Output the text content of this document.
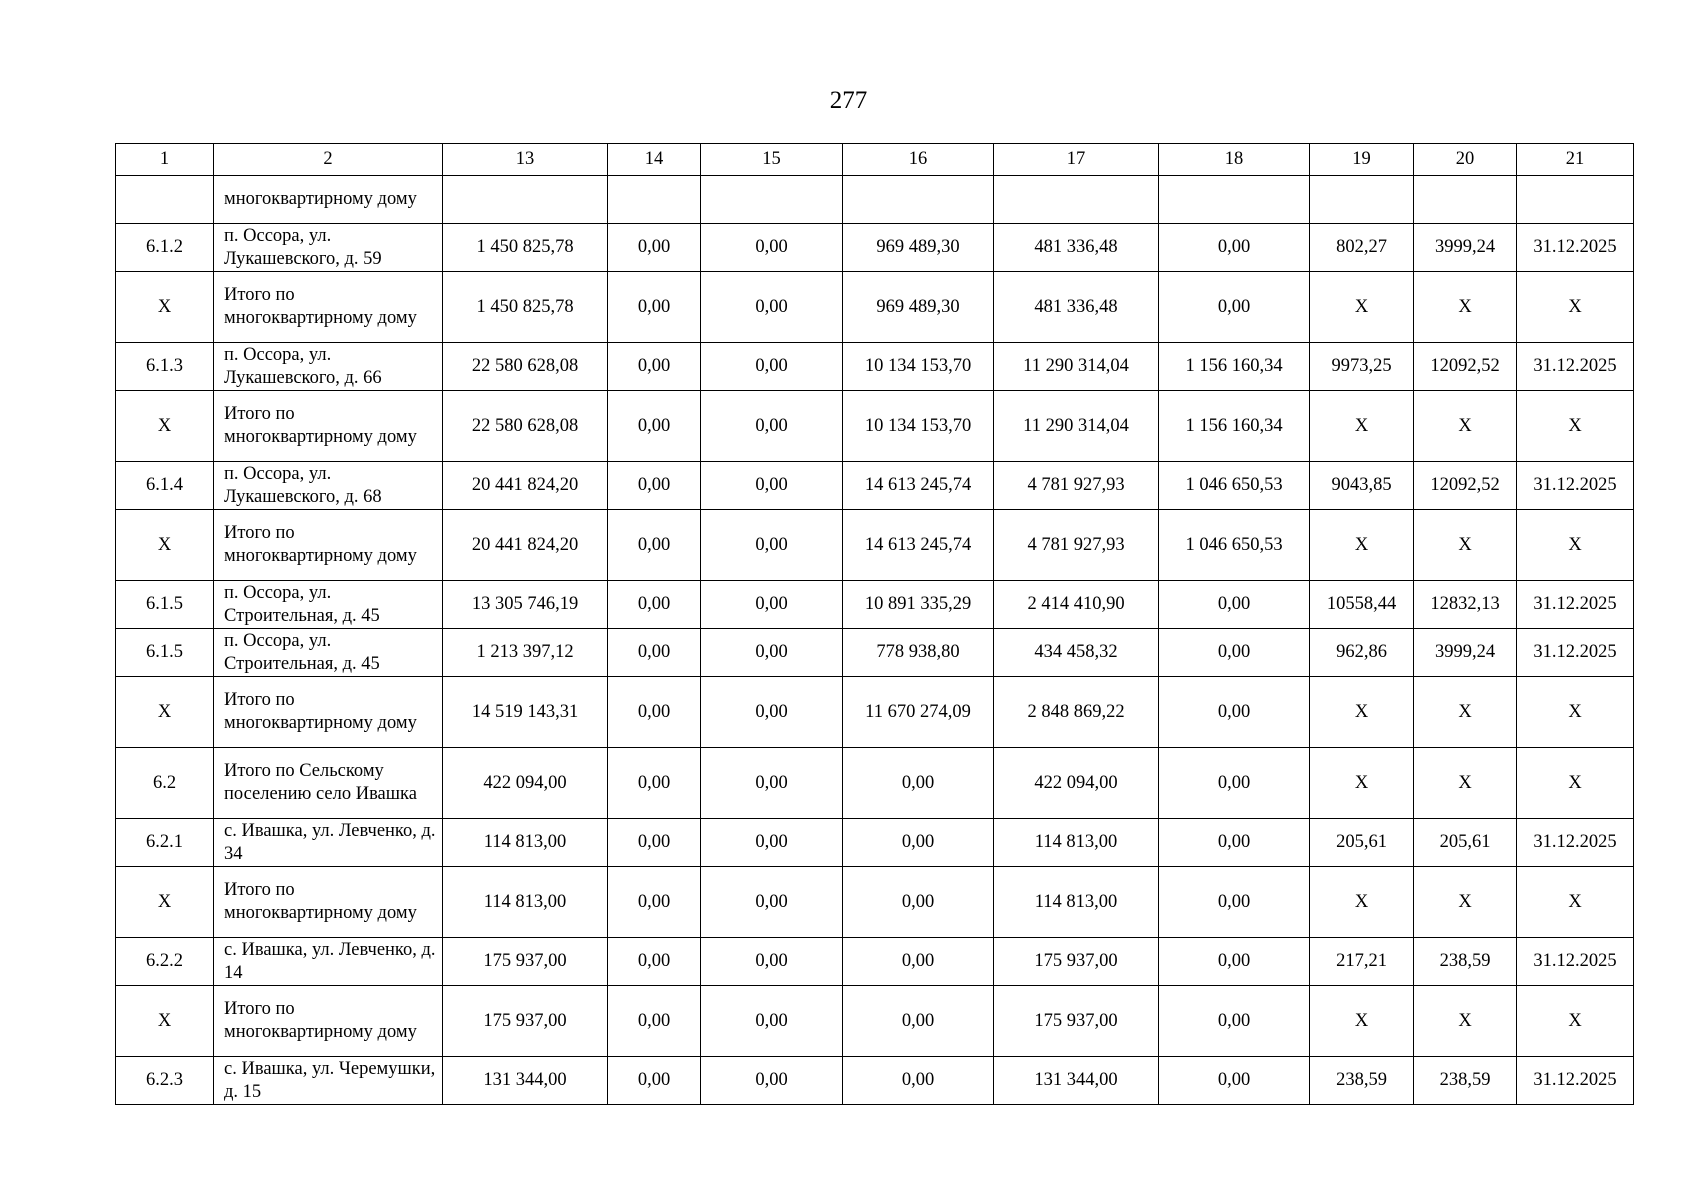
277
1	2	13	14	15	16	17	18	19	20	21
	многоквартирному дому									
6.1.2	п. Оссора, ул. Лукашевского, д. 59	1 450 825,78	0,00	0,00	969 489,30	481 336,48	0,00	802,27	3999,24	31.12.2025
Х	Итого по многоквартирному дому	1 450 825,78	0,00	0,00	969 489,30	481 336,48	0,00	Х	Х	Х
6.1.3	п. Оссора, ул. Лукашевского, д. 66	22 580 628,08	0,00	0,00	10 134 153,70	11 290 314,04	1 156 160,34	9973,25	12092,52	31.12.2025
Х	Итого по многоквартирному дому	22 580 628,08	0,00	0,00	10 134 153,70	11 290 314,04	1 156 160,34	Х	Х	Х
6.1.4	п. Оссора, ул. Лукашевского, д. 68	20 441 824,20	0,00	0,00	14 613 245,74	4 781 927,93	1 046 650,53	9043,85	12092,52	31.12.2025
Х	Итого по многоквартирному дому	20 441 824,20	0,00	0,00	14 613 245,74	4 781 927,93	1 046 650,53	Х	Х	Х
6.1.5	п. Оссора, ул. Строительная, д. 45	13 305 746,19	0,00	0,00	10 891 335,29	2 414 410,90	0,00	10558,44	12832,13	31.12.2025
6.1.5	п. Оссора, ул. Строительная, д. 45	1 213 397,12	0,00	0,00	778 938,80	434 458,32	0,00	962,86	3999,24	31.12.2025
Х	Итого по многоквартирному дому	14 519 143,31	0,00	0,00	11 670 274,09	2 848 869,22	0,00	Х	Х	Х
6.2	Итого по Сельскому поселению село Ивашка	422 094,00	0,00	0,00	0,00	422 094,00	0,00	Х	Х	Х
6.2.1	с. Ивашка, ул. Левченко, д. 34	114 813,00	0,00	0,00	0,00	114 813,00	0,00	205,61	205,61	31.12.2025
Х	Итого по многоквартирному дому	114 813,00	0,00	0,00	0,00	114 813,00	0,00	Х	Х	Х
6.2.2	с. Ивашка, ул. Левченко, д. 14	175 937,00	0,00	0,00	0,00	175 937,00	0,00	217,21	238,59	31.12.2025
Х	Итого по многоквартирному дому	175 937,00	0,00	0,00	0,00	175 937,00	0,00	Х	Х	Х
6.2.3	с. Ивашка, ул. Черемушки, д. 15	131 344,00	0,00	0,00	0,00	131 344,00	0,00	238,59	238,59	31.12.2025
